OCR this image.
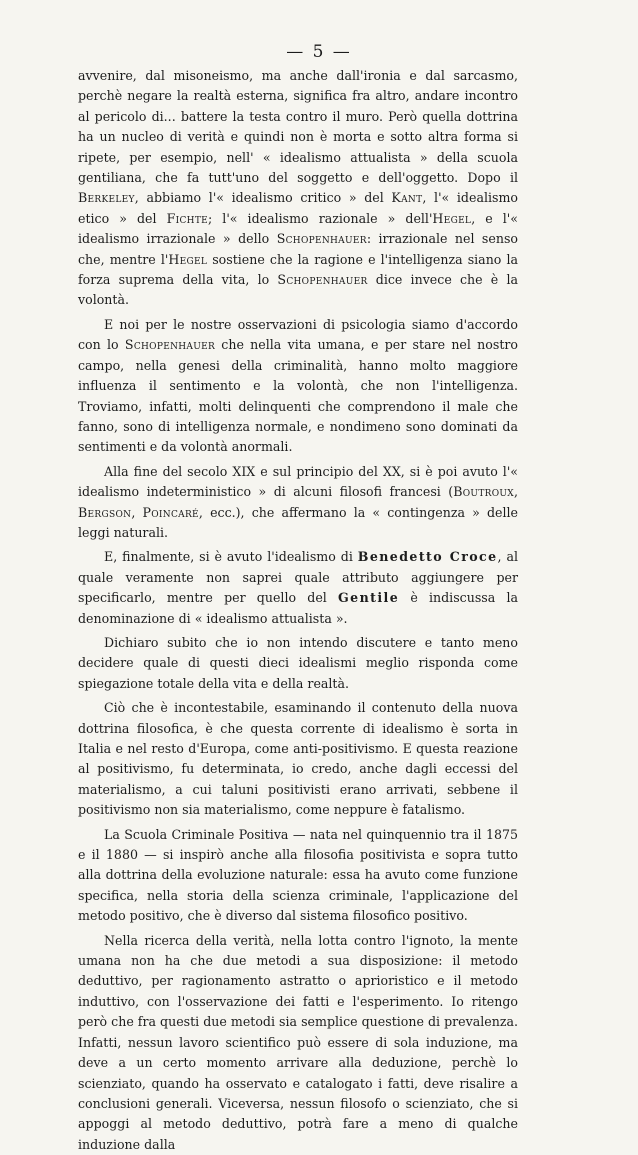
— 5 —

avvenire, dal misoneismo, ma anche dall'ironia e dal sarcasmo, perchè negare la realtà esterna, significa fra altro, andare incontro al pericolo di... battere la testa contro il muro. Però quella dottrina ha un nucleo di verità e quindi non è morta e sotto altra forma si ripete, per esempio, nell' « idealismo attualista » della scuola gentiliana, che fa tutt'uno del soggetto e dell'oggetto. Dopo il Berkeley, abbiamo l'« idealismo critico » del Kant, l'« idealismo etico » del Fichte; l'« idealismo razionale » dell'Hegel, e l'« idealismo irrazionale » dello Schopenhauer: irrazionale nel senso che, mentre l'Hegel sostiene che la ragione e l'intelligenza siano la forza suprema della vita, lo Schopenhauer dice invece che è la volontà.

E noi per le nostre osservazioni di psicologia siamo d'accordo con lo Schopenhauer che nella vita umana, e per stare nel nostro campo, nella genesi della criminalità, hanno molto maggiore influenza il sentimento e la volontà, che non l'intelligenza. Troviamo, infatti, molti delinquenti che comprendono il male che fanno, sono di intelligenza normale, e nondimeno sono dominati da sentimenti e da volontà anormali.

Alla fine del secolo XIX e sul principio del XX, si è poi avuto l'« idealismo indeterministico » di alcuni filosofi francesi (Boutroux, Bergson, Poincaré, ecc.), che affermano la « contingenza » delle leggi naturali.

E, finalmente, si è avuto l'idealismo di Benedetto Croce, al quale veramente non saprei quale attributo aggiungere per specificarlo, mentre per quello del Gentile è indiscussa la denominazione di « idealismo attualista ».

Dichiaro subito che io non intendo discutere e tanto meno decidere quale di questi dieci idealismi meglio risponda come spiegazione totale della vita e della realtà.

Ciò che è incontestabile, esaminando il contenuto della nuova dottrina filosofica, è che questa corrente di idealismo è sorta in Italia e nel resto d'Europa, come anti-positivismo. E questa reazione al positivismo, fu determinata, io credo, anche dagli eccessi del materialismo, a cui taluni positivisti erano arrivati, sebbene il positivismo non sia materialismo, come neppure è fatalismo.

La Scuola Criminale Positiva — nata nel quinquennio tra il 1875 e il 1880 — si inspirò anche alla filosofia positivista e sopra tutto alla dottrina della evoluzione naturale: essa ha avuto come funzione specifica, nella storia della scienza criminale, l'applicazione del metodo positivo, che è diverso dal sistema filosofico positivo.

Nella ricerca della verità, nella lotta contro l'ignoto, la mente umana non ha che due metodi a sua disposizione: il metodo deduttivo, per ragionamento astratto o aprioristico e il metodo induttivo, con l'osservazione dei fatti e l'esperimento. Io ritengo però che fra questi due metodi sia semplice questione di prevalenza. Infatti, nessun lavoro scientifico può essere di sola induzione, ma deve a un certo momento arrivare alla deduzione, perchè lo scienziato, quando ha osservato e catalogato i fatti, deve risalire a conclusioni generali. Viceversa, nessun filosofo o scienziato, che si appoggi al metodo deduttivo, potrà fare a meno di qualche induzione dalla
